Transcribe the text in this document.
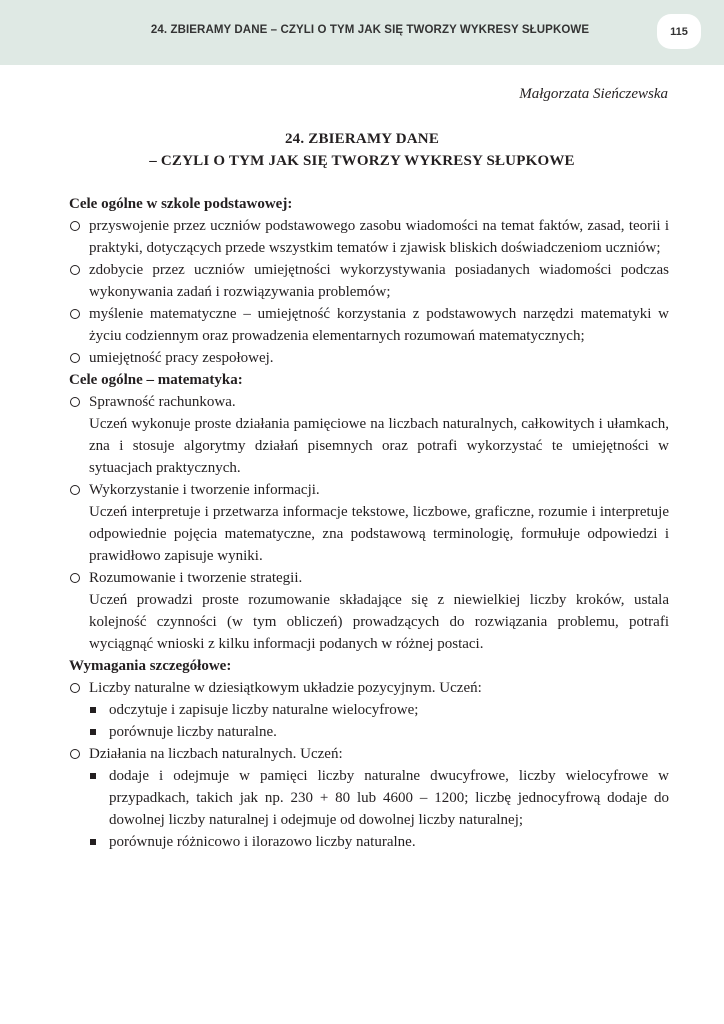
24. ZBIERAMY DANE – CZYLI O TYM JAK SIĘ TWORZY WYKRESY SŁUPKOWE	115
Małgorzata Sieńczewska
24. ZBIERAMY DANE
– CZYLI O TYM JAK SIĘ TWORZY WYKRESY SŁUPKOWE
Cele ogólne w szkole podstawowej:
przyswojenie przez uczniów podstawowego zasobu wiadomości na temat faktów, zasad, teorii i praktyki, dotyczących przede wszystkim tematów i zjawisk bliskich doświadczeniom uczniów;
zdobycie przez uczniów umiejętności wykorzystywania posiadanych wiadomości podczas wykonywania zadań i rozwiązywania problemów;
myślenie matematyczne – umiejętność korzystania z podstawowych narzędzi matematyki w życiu codziennym oraz prowadzenia elementarnych rozumowań matematycznych;
umiejętność pracy zespołowej.
Cele ogólne – matematyka:
Sprawność rachunkowa.
Uczeń wykonuje proste działania pamięciowe na liczbach naturalnych, całkowitych i ułamkach, zna i stosuje algorytmy działań pisemnych oraz potrafi wykorzystać te umiejętności w sytuacjach praktycznych.
Wykorzystanie i tworzenie informacji.
Uczeń interpretuje i przetwarza informacje tekstowe, liczbowe, graficzne, rozumie i interpretuje odpowiednie pojęcia matematyczne, zna podstawową terminologię, formułuje odpowiedzi i prawidłowo zapisuje wyniki.
Rozumowanie i tworzenie strategii.
Uczeń prowadzi proste rozumowanie składające się z niewielkiej liczby kroków, ustala kolejność czynności (w tym obliczeń) prowadzących do rozwiązania problemu, potrafi wyciągnąć wnioski z kilku informacji podanych w różnej postaci.
Wymagania szczegółowe:
Liczby naturalne w dziesiątkowym układzie pozycyjnym. Uczeń:
odczytuje i zapisuje liczby naturalne wielocyfrowe;
porównuje liczby naturalne.
Działania na liczbach naturalnych. Uczeń:
dodaje i odejmuje w pamięci liczby naturalne dwucyfrowe, liczby wielocyfrowe w przypadkach, takich jak np. 230 + 80 lub 4600 – 1200; liczbę jednocyfrową dodaje do dowolnej liczby naturalnej i odejmuje od dowolnej liczby naturalnej;
porównuje różnicowo i ilorazowo liczby naturalne.
